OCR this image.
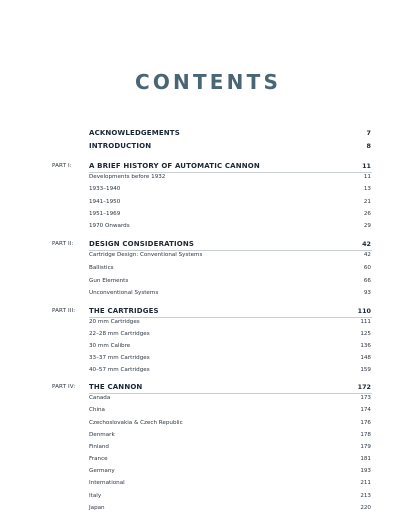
CONTENTS
ACKNOWLEDGEMENTS	7
INTRODUCTION	8
PART I: A BRIEF HISTORY OF AUTOMATIC CANNON	11
Developments before 1932	11
1933–1940	13
1941–1950	21
1951–1969	26
1970 Onwards	29
PART II: DESIGN CONSIDERATIONS	42
Cartridge Design: Conventional Systems	42
Ballistics	60
Gun Elements	66
Unconventional Systems	93
PART III: THE CARTRIDGES	110
20 mm Cartridges	111
22–28 mm Cartridges	125
30 mm Calibre	136
33–37 mm Cartridges	148
40–57 mm Cartridges	159
PART IV: THE CANNON	172
Canada	173
China	174
Czechoslovakia & Czech Republic	176
Denmark	178
Finland	179
France	181
Germany	193
International	211
Italy	213
Japan	220
